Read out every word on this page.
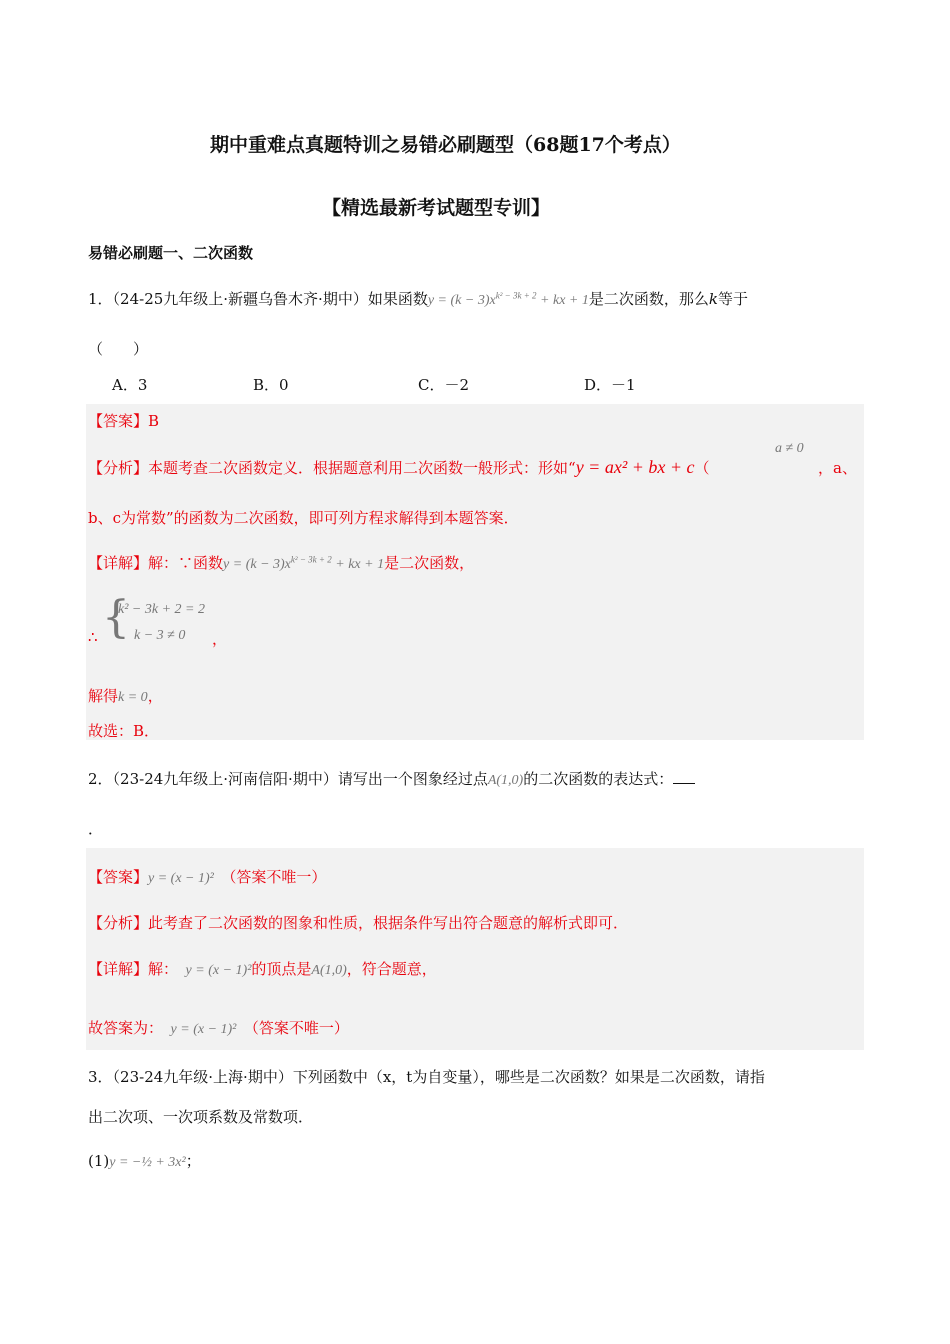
期中重难点真题特训之易错必刷题型（68题17个考点）
【精选最新考试题型专训】
易错必刷题一、二次函数
1．（24-25九年级上·新疆乌鲁木齐·期中）如果函数$y = (k - 3)x^{k^2 - 3k + 2}$ + kx + 1是二次函数，那么k等于
（　　）
A．3	B．0	C．－2	D．－1
【答案】B
【分析】本题考查二次函数定义．根据题意利用二次函数一般形式：形如“y = ax² + bx + c（
a ≠ 0
，a、
b、c为常数”的函数为二次函数，即可列方程求解得到本题答案．
【详解】解：∵函数$y = (k - 3)x^{k^2 - 3k + 2}$ + kx + 1是二次函数，
∴ {
k² − 3k + 2 = 2
k − 3 ≠ 0 ，
解得k = 0，
故选：B．
2．（23-24九年级上·河南信阳·期中）请写出一个图象经过点A(1,0)的二次函数的表达式：
．
【答案】y = (x − 1)²　 （答案不唯一）
【分析】此考查了二次函数的图象和性质，根据条件写出符合题意的解析式即可．
【详解】解：　 y = (x − 1)²的顶点是A(1,0)，符合题意，
故答案为：　 y = (x − 1)²　 （答案不唯一）
3．（23-24九年级·上海·期中）下列函数中（x，t为自变量），哪些是二次函数？如果是二次函数，请指
出二次项、一次项系数及常数项．
(1)y = −½ + 3x²；
